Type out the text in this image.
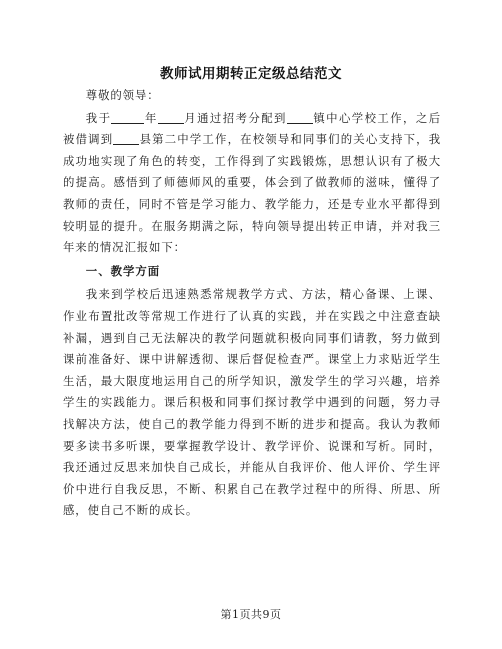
教师试用期转正定级总结范文

尊敬的领导：

我于	年 月通过招考分配到 镇中心学校工作，之后被借调到 县第二中学工作，在校领导和同事们的关心支持下，我成功地实现了角色的转变，工作得到了实践锻炼，思想认识有了极大的提高。感悟到了师德师风的重要，体会到了做教师的滋味，懂得了教师的责任，同时不管是学习能力、教学能力，还是专业水平都得到较明显的提升。在服务期满之际，特向领导提出转正申请，并对我三年来的情况汇报如下：

一、教学方面

我来到学校后迅速熟悉常规教学方式、方法，精心备课、上课、作业布置批改等常规工作进行了认真的实践，并在实践之中注意查缺补漏，遇到自己无法解决的教学问题就积极向同事们请教，努力做到课前准备好、课中讲解透彻、课后督促检查严。课堂上力求贴近学生生活，最大限度地运用自己的所学知识，激发学生的学习兴趣，培养学生的实践能力。课后积极和同事们探讨教学中遇到的问题，努力寻找解决方法，使自己的教学能力得到不断的进步和提高。我认为教师要多读书多听课，要掌握教学设计、教学评价、说课和写析。同时，我还通过反思来加快自己成长，并能从自我评价、他人评价、学生评价中进行自我反思，不断、积累自己在教学过程中的所得、所思、所感，使自己不断的成长。

第1页共9页
